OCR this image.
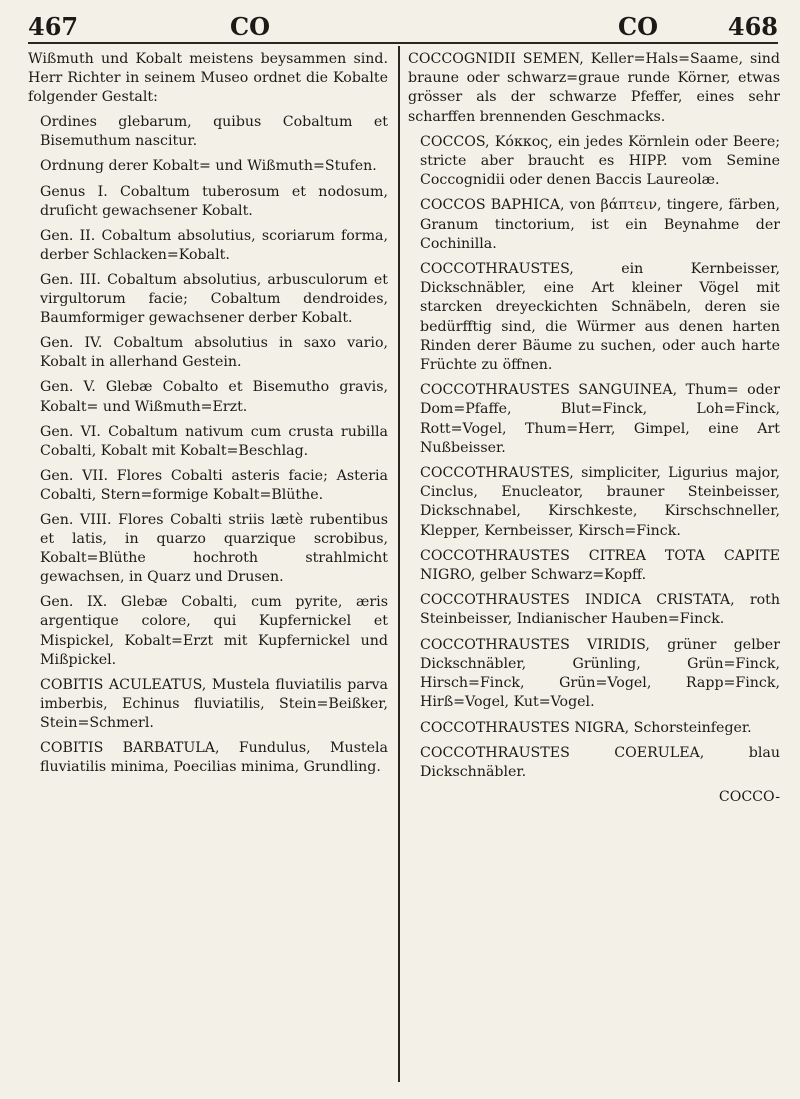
467	CO	CO	468

Wißmuth und Kobalt meistens beysammen sind. Herr Richter in seinem Museo ordnet die Kobalte folgender Gestalt:

Ordines glebarum, quibus Cobaltum et Bisemuthum nascitur.

Ordnung derer Kobalt= und Wißmuth=Stufen.

Genus I. Cobaltum tuberosum et nodosum, druſicht gewachsener Kobalt.

Gen. II. Cobaltum absolutius, scoriarum forma, derber Schlacken=Kobalt.

Gen. III. Cobaltum absolutius, arbusculorum et virgultorum facie; Cobaltum dendroides, Baumformiger gewachsener derber Kobalt.

Gen. IV. Cobaltum absolutius in saxo vario, Kobalt in allerhand Gestein.

Gen. V. Glebæ Cobalto et Bisemutho gravis, Kobalt= und Wißmuth=Erzt.

Gen. VI. Cobaltum nativum cum crusta rubilla Cobalti, Kobalt mit Kobalt=Beschlag.

Gen. VII. Flores Cobalti asteris facie; Asteria Cobalti, Stern=formige Kobalt=Blüthe.

Gen. VIII. Flores Cobalti striis lætè rubentibus et latis, in quarzo quarzique scrobibus, Kobalt=Blüthe hochroth strahlmicht gewachsen, in Quarz und Drusen.

Gen. IX. Glebæ Cobalti, cum pyrite, æris argentique colore, qui Kupfernickel et Mispickel, Kobalt=Erzt mit Kupfernickel und Mißpickel.

COBITIS ACULEATUS, Mustela fluviatilis parva imberbis, Echinus fluviatilis, Stein=Beißker, Stein=Schmerl.

COBITIS BARBATULA, Fundulus, Mustela fluviatilis minima, Poecilias minima, Grundling.

COCCOGNIDII SEMEN, Keller=Hals=Saame, sind braune oder schwarz=graue runde Körner, etwas grösser als der schwarze Pfeffer, eines sehr scharffen brennenden Geschmacks.

COCCOS, Κόκκος, ein jedes Körnlein oder Beere; stricte aber braucht es HIPP. vom Semine Coccognidii oder denen Baccis Laureolæ.

COCCOS BAPHICA, von βάπτειν, tingere, färben, Granum tinctorium, ist ein Beynahme der Cochinilla.

COCCOTHRAUSTES, ein Kernbeisser, Dickschnäbler, eine Art kleiner Vögel mit starcken dreyeckichten Schnäbeln, deren sie bedürfftig sind, die Würmer aus denen harten Rinden derer Bäume zu suchen, oder auch harte Früchte zu öffnen.

COCCOTHRAUSTES SANGUINEA, Thum= oder Dom=Pfaffe, Blut=Finck, Loh=Finck, Rott=Vogel, Thum=Herr, Gimpel, eine Art Nußbeisser.

COCCOTHRAUSTES, simpliciter, Ligurius major, Cinclus, Enucleator, brauner Steinbeisser, Dickschnabel, Kirschkeste, Kirschschneller, Klepper, Kernbeisser, Kirsch=Finck.

COCCOTHRAUSTES CITREA TOTA CAPITE NIGRO, gelber Schwarz=Kopff.

COCCOTHRAUSTES INDICA CRISTATA, roth Steinbeisser, Indianischer Hauben=Finck.

COCCOTHRAUSTES VIRIDIS, grüner gelber Dickschnäbler, Grünling, Grün=Finck, Hirsch=Finck, Grün=Vogel, Rapp=Finck, Hirß=Vogel, Kut=Vogel.

COCCOTHRAUSTES NIGRA, Schorsteinfeger.

COCCOTHRAUSTES COERULEA, blau Dickschnäbler.

COCCO-
